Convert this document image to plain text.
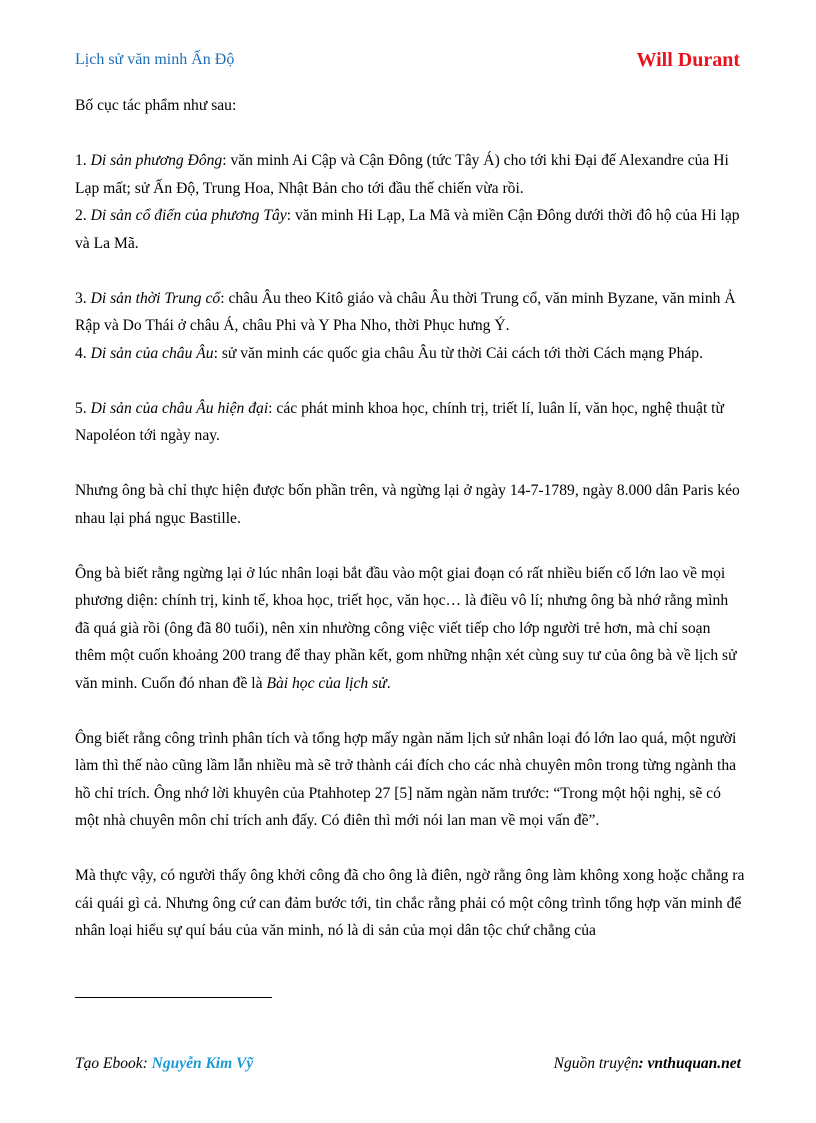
Lịch sử văn minh Ấn Độ	Will Durant

Bố cục tác phẩm như sau:

1. Di sản phương Đông: văn minh Ai Cập và Cận Đông (tức Tây Á) cho tới khi Đại đế Alexandre của Hi Lạp mất; sử Ấn Độ, Trung Hoa, Nhật Bản cho tới đầu thế chiến vừa rồi.

2. Di sản cổ điển của phương Tây: văn minh Hi Lạp, La Mã và miền Cận Đông dưới thời đô hộ của Hi lạp và La Mã.

3. Di sản thời Trung cổ: châu Âu theo Kitô giáo và châu Âu thời Trung cổ, văn minh Byzane, văn minh Ả Rập và Do Thái ở châu Á, châu Phi và Y Pha Nho, thời Phục hưng Ý.

4. Di sản của châu Âu: sử văn minh các quốc gia châu Âu từ thời Cải cách tới thời Cách mạng Pháp.

5. Di sản của châu Âu hiện đại: các phát minh khoa học, chính trị, triết lí, luân lí, văn học, nghệ thuật từ Napoléon tới ngày nay.

Nhưng ông bà chỉ thực hiện được bốn phần trên, và ngừng lại ở ngày 14-7-1789, ngày 8.000 dân Paris kéo nhau lại phá ngục Bastille.

Ông bà biết rằng ngừng lại ở lúc nhân loại bắt đầu vào một giai đoạn có rất nhiều biến cố lớn lao về mọi phương diện: chính trị, kinh tế, khoa học, triết học, văn học… là điều vô lí; nhưng ông bà nhớ rằng mình đã quá già rồi (ông đã 80 tuổi), nên xin nhường công việc viết tiếp cho lớp người trẻ hơn, mà chỉ soạn thêm một cuốn khoảng 200 trang để thay phần kết, gom những nhận xét cùng suy tư của ông bà về lịch sử văn minh. Cuốn đó nhan đề là Bài học của lịch sử.

Ông biết rằng công trình phân tích và tổng hợp mấy ngàn năm lịch sử nhân loại đó lớn lao quá, một người làm thì thế nào cũng lầm lẫn nhiều mà sẽ trở thành cái đích cho các nhà chuyên môn trong từng ngành tha hồ chỉ trích. Ông nhớ lời khuyên của Ptahhotep 27 [5] năm ngàn năm trước: “Trong một hội nghị, sẽ có một nhà chuyên môn chỉ trích anh đấy. Có điên thì mới nói lan man về mọi vấn đề”.

Mà thực vậy, có người thấy ông khởi công đã cho ông là điên, ngờ rằng ông làm không xong hoặc chẳng ra cái quái gì cả. Nhưng ông cứ can đảm bước tới, tin chắc rằng phải có một công trình tổng hợp văn minh để nhân loại hiểu sự quí báu của văn minh, nó là di sản của mọi dân tộc chứ chẳng của

Tạo Ebook: Nguyễn Kim Vỹ	Nguồn truyện: vnthuquan.net
